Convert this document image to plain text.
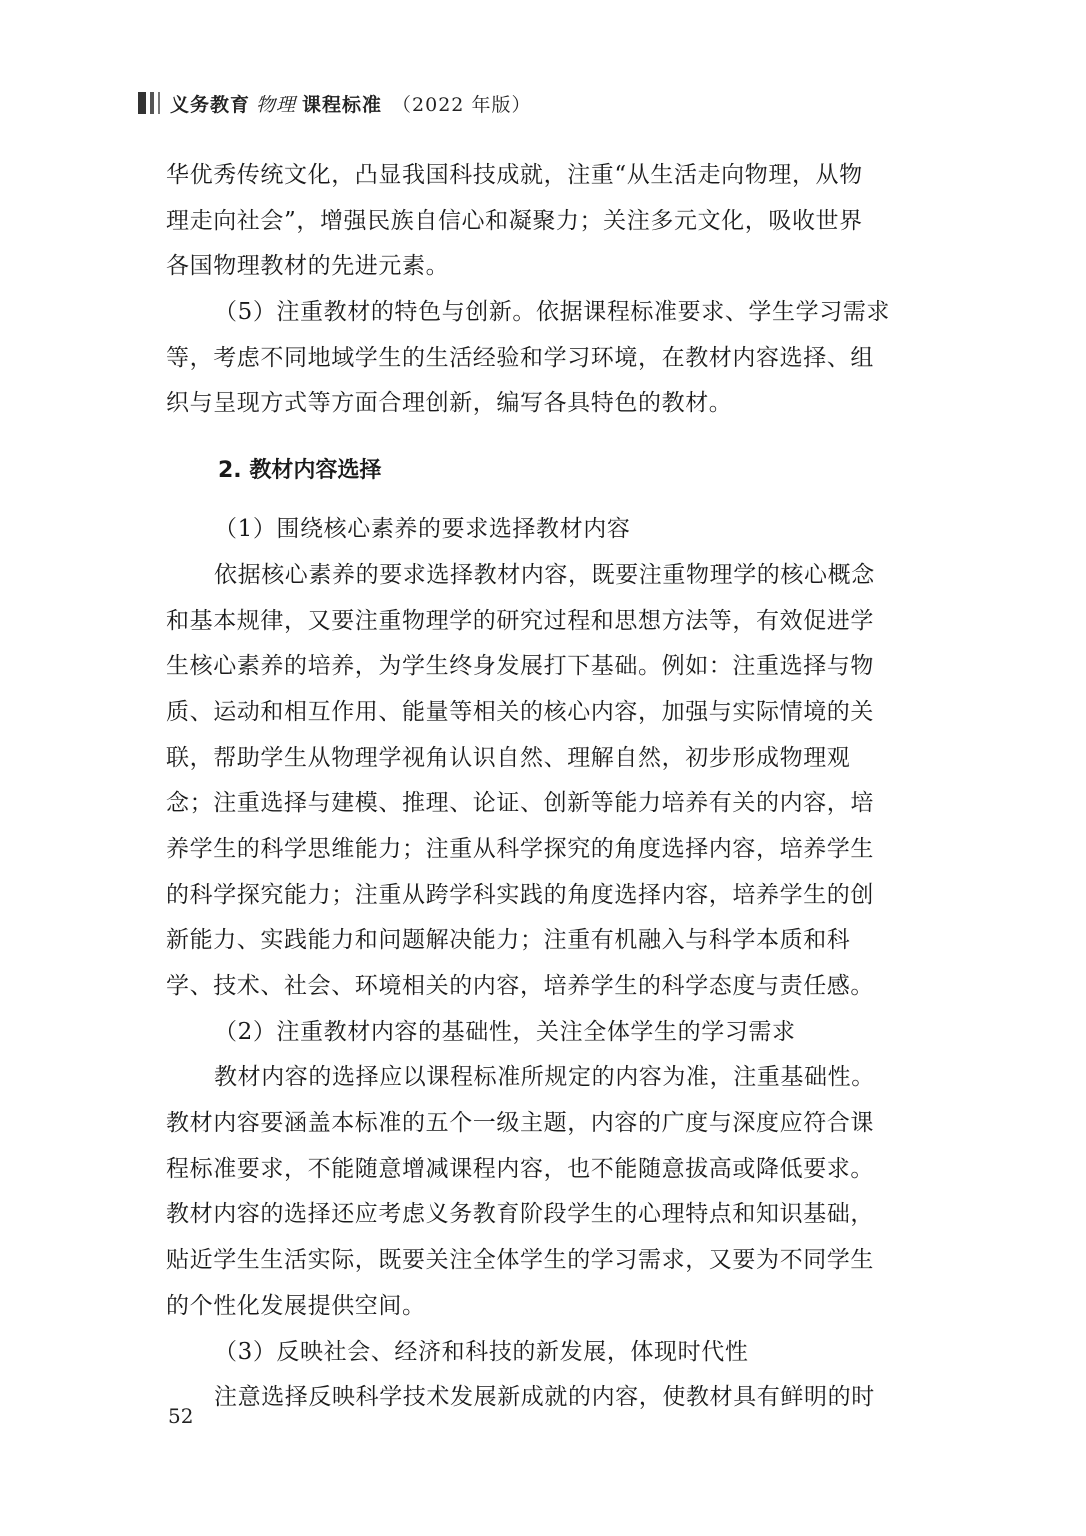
义务教育 物理 课程标准 （2022 年版）
华优秀传统文化，凸显我国科技成就，注重“从生活走向物理，从物
理走向社会”，增强民族自信心和凝聚力；关注多元文化，吸收世界
各国物理教材的先进元素。
（5）注重教材的特色与创新。依据课程标准要求、学生学习需求
等，考虑不同地域学生的生活经验和学习环境，在教材内容选择、组
织与呈现方式等方面合理创新，编写各具特色的教材。
2. 教材内容选择
（1）围绕核心素养的要求选择教材内容
依据核心素养的要求选择教材内容，既要注重物理学的核心概念
和基本规律，又要注重物理学的研究过程和思想方法等，有效促进学
生核心素养的培养，为学生终身发展打下基础。例如：注重选择与物
质、运动和相互作用、能量等相关的核心内容，加强与实际情境的关
联，帮助学生从物理学视角认识自然、理解自然，初步形成物理观
念；注重选择与建模、推理、论证、创新等能力培养有关的内容，培
养学生的科学思维能力；注重从科学探究的角度选择内容，培养学生
的科学探究能力；注重从跨学科实践的角度选择内容，培养学生的创
新能力、实践能力和问题解决能力；注重有机融入与科学本质和科
学、技术、社会、环境相关的内容，培养学生的科学态度与责任感。
（2）注重教材内容的基础性，关注全体学生的学习需求
教材内容的选择应以课程标准所规定的内容为准，注重基础性。
教材内容要涵盖本标准的五个一级主题，内容的广度与深度应符合课
程标准要求，不能随意增减课程内容，也不能随意拔高或降低要求。
教材内容的选择还应考虑义务教育阶段学生的心理特点和知识基础，
贴近学生生活实际，既要关注全体学生的学习需求，又要为不同学生
的个性化发展提供空间。
（3）反映社会、经济和科技的新发展，体现时代性
注意选择反映科学技术发展新成就的内容，使教材具有鲜明的时
52
